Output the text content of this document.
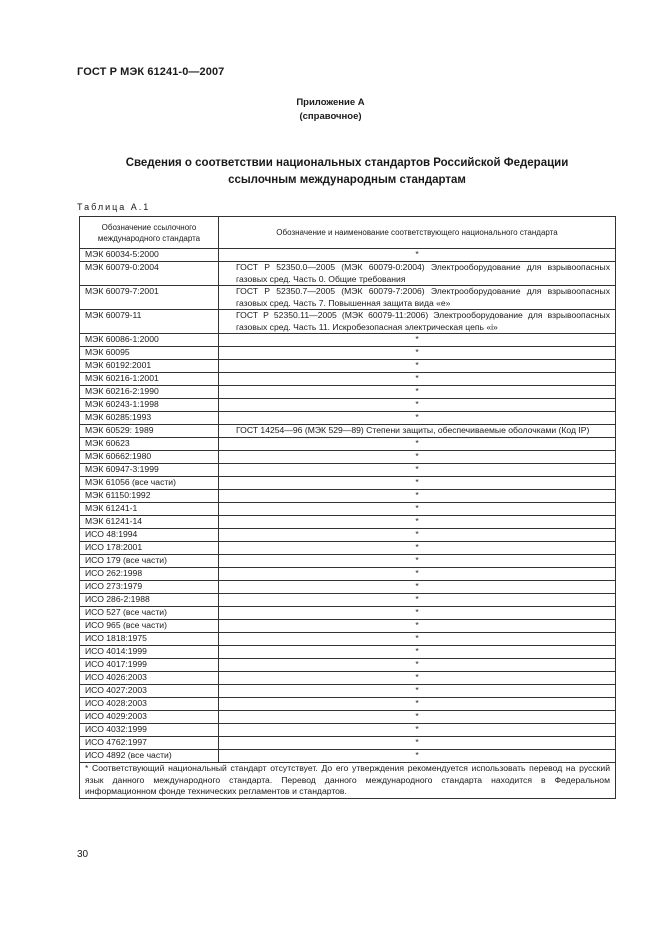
ГОСТ Р МЭК 61241-0—2007
Приложение А
(справочное)
Сведения о соответствии национальных стандартов Российской Федерации
ссылочным международным стандартам
Таблица А.1
Обозначение ссылочного международного стандарта	Обозначение и наименование соответствующего национального стандарта
МЭК 60034-5:2000	*
МЭК 60079-0:2004	ГОСТ Р 52350.0—2005 (МЭК 60079-0:2004) Электрооборудование для взрывоопасных газовых сред. Часть 0. Общие требования

МЭК 60079-7:2001	ГОСТ Р 52350.7—2005 (МЭК 60079-7:2006) Электрооборудование для взрывоопасных газовых сред. Часть 7. Повышенная защита вида «е»

МЭК 60079-11	ГОСТ Р 52350.11—2005 (МЭК 60079-11:2006) Электрооборудование для взрывоопасных газовых сред. Часть 11. Искробезопасная электрическая цепь «i»

МЭК 60086-1:2000	*
МЭК 60095	*
МЭК 60192:2001	*
МЭК 60216-1:2001	*
МЭК 60216-2:1990	*
МЭК 60243-1:1998	*
МЭК 60285:1993	*
МЭК 60529: 1989	ГОСТ 14254—96 (МЭК 529—89) Степени защиты, обеспечиваемые оболочками (Код IP)

МЭК 60623	*
МЭК 60662:1980	*
МЭК 60947-3:1999	*
МЭК 61056 (все части)	*
МЭК 61150:1992	*
МЭК 61241-1	*
МЭК 61241-14	*
ИСО 48:1994	*
ИСО 178:2001	*
ИСО 179 (все части)	*
ИСО 262:1998	*
ИСО 273:1979	*
ИСО 286-2:1988	*
ИСО 527 (все части)	*
ИСО 965 (все части)	*
ИСО 1818:1975	*
ИСО 4014:1999	*
ИСО 4017:1999	*
ИСО 4026:2003	*
ИСО 4027:2003	*
ИСО 4028:2003	*
ИСО 4029:2003	*
ИСО 4032:1999	*
ИСО 4762:1997	*
ИСО 4892 (все части)	*
* Соответствующий национальный стандарт отсутствует. До его утверждения рекомендуется использовать перевод на русский язык данного международного стандарта. Перевод данного международного стандарта находится в Федеральном информационном фонде технических регламентов и стандартов.	
30
